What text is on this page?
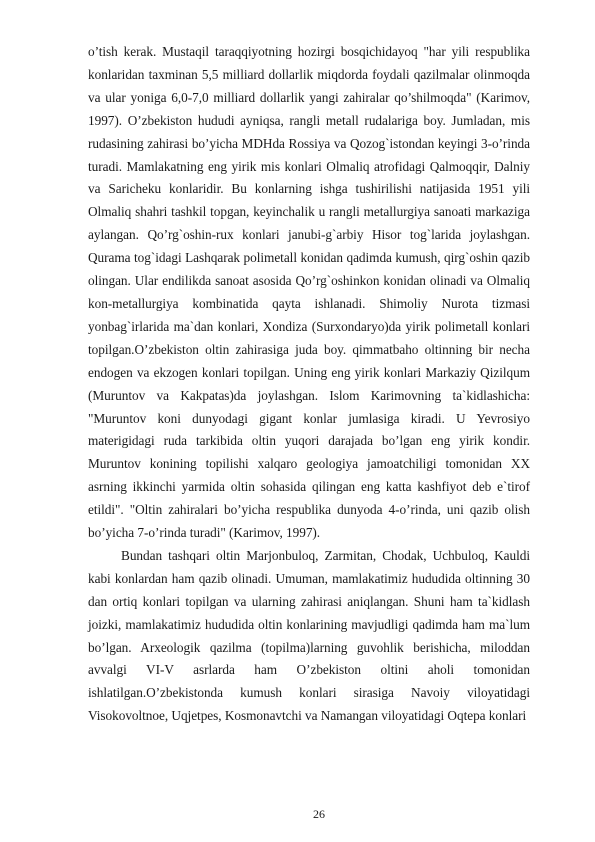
o’tish kerak. Mustaqil taraqqiyotning hozirgi bosqichidayoq "har yili respublika konlaridan taxminan 5,5 milliard dollarlik miqdorda foydali qazilmalar olinmoqda va ular yoniga 6,0-7,0 milliard dollarlik yangi zahiralar qo’shilmoqda" (Karimov, 1997). O’zbekiston hududi ayniqsa, rangli metall rudalariga boy. Jumladan, mis rudasining zahirasi bo’yicha MDHda Rossiya va Qozog`istondan keyingi 3-o’rinda turadi. Mamlakatning eng yirik mis konlari Olmaliq atrofidagi Qalmoqqir, Dalniy va Saricheku konlaridir. Bu konlarning ishga tushirilishi natijasida 1951 yili Olmaliq shahri tashkil topgan, keyinchalik u rangli metallurgiya sanoati markaziga aylangan. Qo’rg`oshin-rux konlari janubi-g`arbiy Hisor tog`larida joylashgan. Qurama tog`idagi Lashqarak polimetall konidan qadimda kumush, qirg`oshin qazib olingan. Ular endilikda sanoat asosida Qo’rg`oshinkon konidan olinadi va Olmaliq kon-metallurgiya kombinatida qayta ishlanadi. Shimoliy Nurota tizmasi yonbag`irlarida ma`dan konlari, Xondiza (Surxondaryo)da yirik polimetall konlari topilgan.O’zbekiston oltin zahirasiga juda boy. qimmatbaho oltinning bir necha endogen va ekzogen konlari topilgan. Uning eng yirik konlari Markaziy Qizilqum (Muruntov va Kakpatas)da joylashgan. Islom Karimovning ta`kidlashicha: "Muruntov koni dunyodagi gigant konlar jumlasiga kiradi. U Yevrosiyo materigidagi ruda tarkibida oltin yuqori darajada bo’lgan eng yirik kondir. Muruntov konining topilishi xalqaro geologiya jamoatchiligi tomonidan XX asrning ikkinchi yarmida oltin sohasida qilingan eng katta kashfiyot deb e`tirof etildi". "Oltin zahiralari bo’yicha respublika dunyoda 4-o’rinda, uni qazib olish bo’yicha 7-o’rinda turadi" (Karimov, 1997).

Bundan tashqari oltin Marjonbuloq, Zarmitan, Chodak, Uchbuloq, Kauldi kabi konlardan ham qazib olinadi. Umuman, mamlakatimiz hududida oltinning 30 dan ortiq konlari topilgan va ularning zahirasi aniqlangan. Shuni ham ta`kidlash joizki, mamlakatimiz hududida oltin konlarining mavjudligi qadimda ham ma`lum bo’lgan. Arxeologik qazilma (topilma)larning guvohlik berishicha, miloddan avvalgi VI-V asrlarda ham O’zbekiston oltini aholi tomonidan ishlatilgan.O’zbekistonda kumush konlari sirasiga Navoiy viloyatidagi Visokovoltnoe, Uqjetpes, Kosmonavtchi va Namangan viloyatidagi Oqtepa konlari

26
